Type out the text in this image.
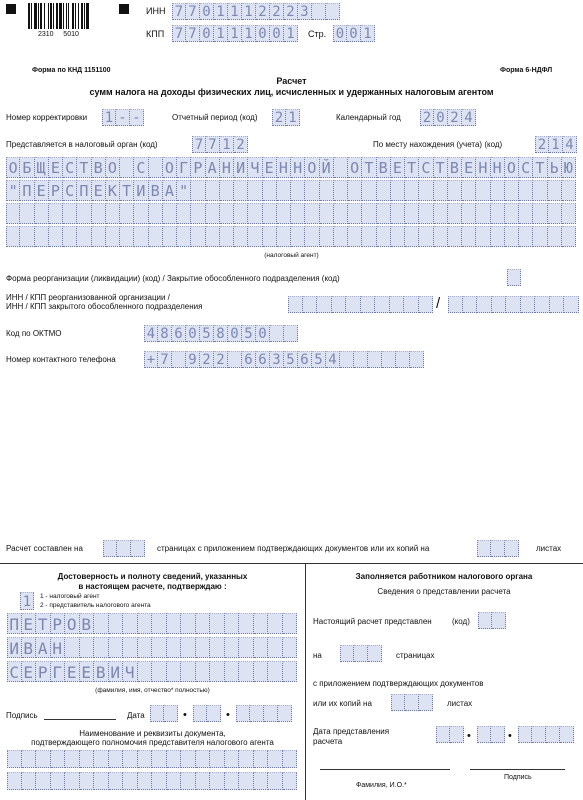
2310     5010
ИНН 7 7 0 1 1 1 2 2 2 З
КПП 7 7 0 1 1 1 0 0 1	Стр. 0 0 1
Форма по КНД 1151100	Форма 6-НДФЛ
Расчет
сумм налога на доходы физических лиц, исчисленных и удержанных налоговым агентом
Номер корректировки 1 - -	Отчетный период (код) 2 1	Календарный год 2 0 2 4
Представляется в налоговый орган (код)	7 7 1 2	По месту нахождения (учета) (код)	2 1 4
О Б Щ Е С Т В О С О Г Р А Н И Ч Е Н Н О Й О Т В Е Т С Т В Е Н Н О С Т Ь Ю
" П Е Р С П Е К Т И В А "
(налоговый агент)
Форма реорганизации (ликвидации) (код) / Закрытие обособленного подразделения (код)
ИНН / КПП реорганизованной организации /
ИНН / КПП закрытого обособленного подразделения	/
Код по ОКТМО	4 8 6 0 5 8 0 5 0
Номер контактного телефона + 7 9 2 2 6 6 3 5 6 5 4
Расчет составлен на	страницах с приложением подтверждающих документов или их копий на	листах
Достоверность и полноту сведений, указанных
в настоящем расчете, подтверждаю :
1	1 - налоговый агент
2 - представитель налогового агента
П Е Т Р О В
И В А Н
С Е Р Г Е Е В И Ч
(фамилия, имя, отчество* полностью)
Подпись	Дата	•	•
Наименование и реквизиты документа,
подтверждающего полномочия представителя налогового агента
Заполняется работником налогового органа
Сведения о представлении расчета
Настоящий расчет представлен	(код)
на	страницах
с приложением подтверждающих документов
или их копий на	листах
Дата представления
расчета	•	•
Фамилия, И.О.*
Подпись
